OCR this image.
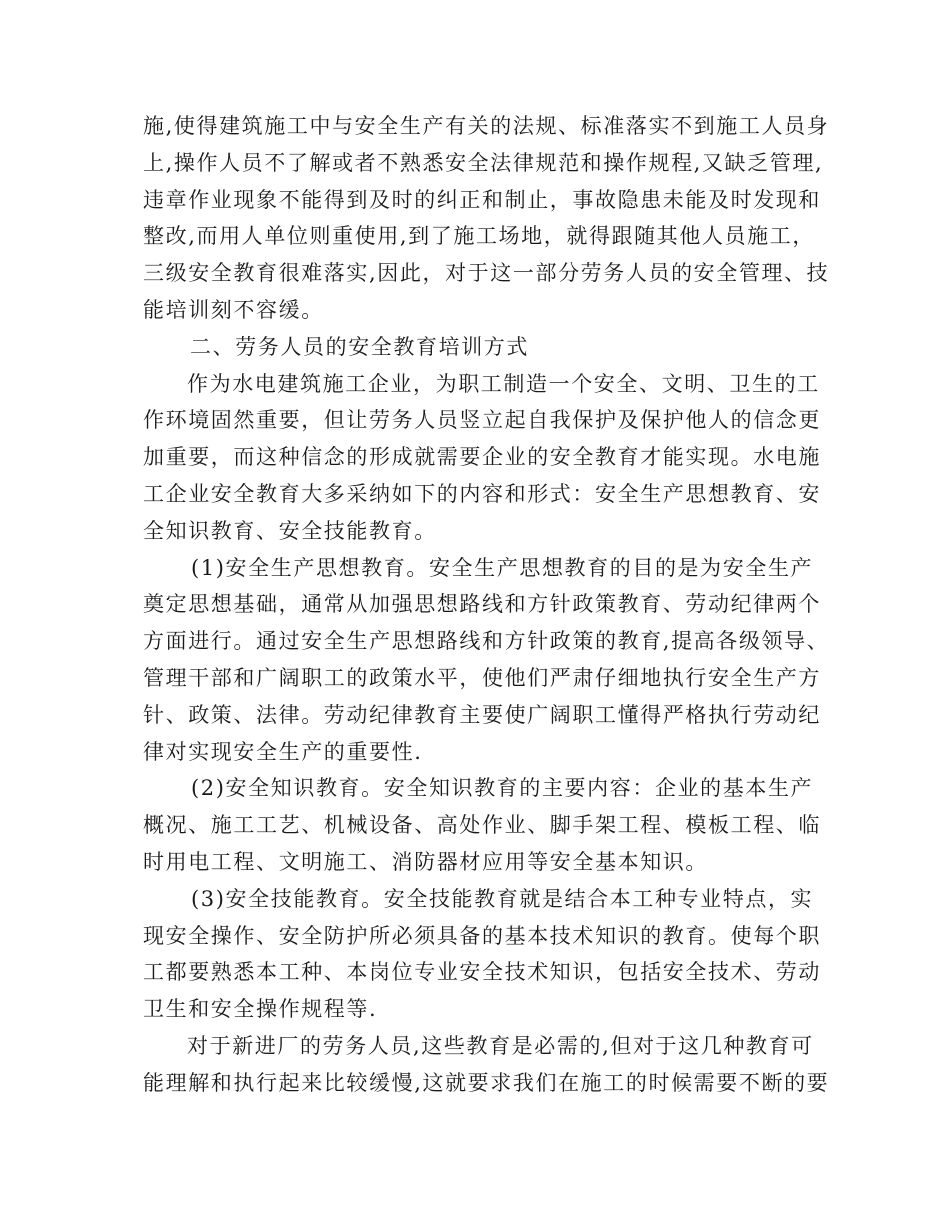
施,使得建筑施工中与安全生产有关的法规、标准落实不到施工人员身
上,操作人员不了解或者不熟悉安全法律规范和操作规程,又缺乏管理,
违章作业现象不能得到及时的纠正和制止，事故隐患未能及时发现和
整改,而用人单位则重使用,到了施工场地，就得跟随其他人员施工，
三级安全教育很难落实,因此，对于这一部分劳务人员的安全管理、技
能培训刻不容缓。
二、劳务人员的安全教育培训方式
作为水电建筑施工企业，为职工制造一个安全、文明、卫生的工
作环境固然重要，但让劳务人员竖立起自我保护及保护他人的信念更
加重要，而这种信念的形成就需要企业的安全教育才能实现。水电施
工企业安全教育大多采纳如下的内容和形式：安全生产思想教育、安
全知识教育、安全技能教育。
(1)安全生产思想教育。安全生产思想教育的目的是为安全生产
奠定思想基础，通常从加强思想路线和方针政策教育、劳动纪律两个
方面进行。通过安全生产思想路线和方针政策的教育,提高各级领导、
管理干部和广阔职工的政策水平，使他们严肃仔细地执行安全生产方
针、政策、法律。劳动纪律教育主要使广阔职工懂得严格执行劳动纪
律对实现安全生产的重要性.
(2)安全知识教育。安全知识教育的主要内容：企业的基本生产
概况、施工工艺、机械设备、高处作业、脚手架工程、模板工程、临
时用电工程、文明施工、消防器材应用等安全基本知识。
(3)安全技能教育。安全技能教育就是结合本工种专业特点，实
现安全操作、安全防护所必须具备的基本技术知识的教育。使每个职
工都要熟悉本工种、本岗位专业安全技术知识，包括安全技术、劳动
卫生和安全操作规程等.
对于新进厂的劳务人员,这些教育是必需的,但对于这几种教育可
能理解和执行起来比较缓慢,这就要求我们在施工的时候需要不断的要
